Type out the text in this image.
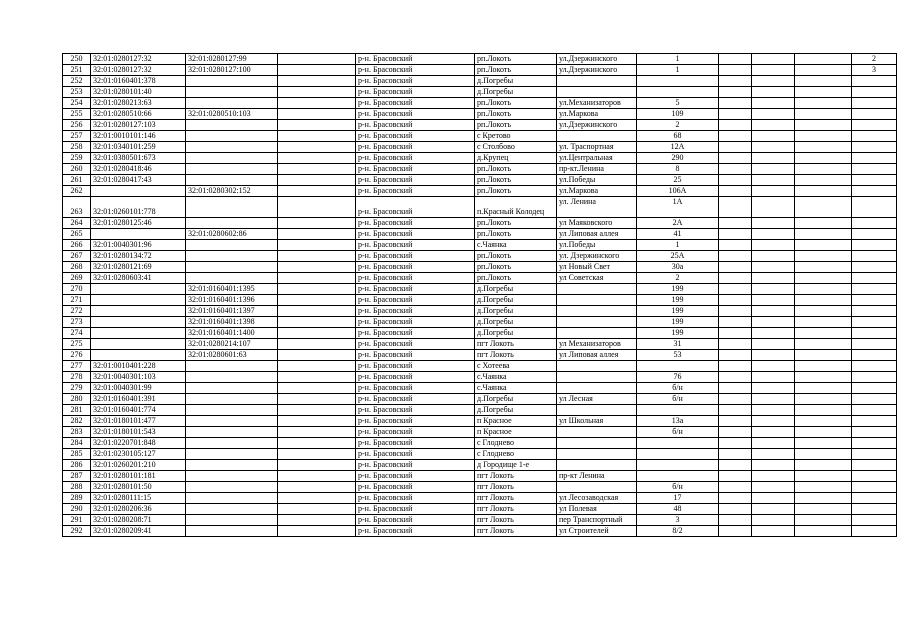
250	32:01:0280127:32	32:01:0280127:99		р-н. Брасовский	рп.Локоть	ул.Дзержинского	1				2
251	32:01:0280127:32	32:01:0280127:100		р-н. Брасовский	рп.Локоть	ул.Дзержинского	1				3
252	32:01:0160401:378			р-н. Брасовский	д.Погребы						
253	32:01:0280101:40			р-н. Брасовский	д.Погребы						
254	32:01:0280213:63			р-н. Брасовский	рп.Локоть	ул.Механизаторов	5				
255	32:01:0280510:66	32:01:0280510:103		р-н. Брасовский	рп.Локоть	ул.Маркова	109				
256	32:01:0280127:103			р-н. Брасовский	рп.Локоть	ул.Дзержинского	2				
257	32:01:0010101:146			р-н. Брасовский	с Кретово		68				
258	32:01:0340101:259			р-н. Брасовский	с Столбово	ул. Траспортная	12А				
259	32:01:0380501:673			р-н. Брасовский	д.Крупец	ул.Центральная	290				
260	32:01:0280418:46			р-н. Брасовский	рп.Локоть	пр-кт.Ленина	8				
261	32:01:0280417:43			р-н. Брасовский	рп.Локоть	ул.Победы	25				
262		32:01:0280302:152		р-н. Брасовский	рп.Локоть	ул.Маркова	106А				
263	32:01:0260101:778			р-н. Брасовский	п.Красный Колодец	ул. Ленина	1А				
264	32:01:0280125:46			р-н. Брасовский	рп.Локоть	ул Маяковского	2А				
265		32:01:0280602:86		р-н. Брасовский	рп.Локоть	ул Липовая аллея	41				
266	32:01:0040301:96			р-н. Брасовский	с.Чаянка	ул.Победы	1				
267	32:01:0280134:72			р-н. Брасовский	рп.Локоть	ул. Дзержинского	25А				
268	32:01:0280121:69			р-н. Брасовский	рп.Локоть	ул Новый Свет	30а				
269	32:01:0280603:41			р-н. Брасовский	рп.Локоть	ул Советская	2				
270		32:01:0160401:1395		р-н. Брасовский	д.Погребы		199				
271		32:01:0160401:1396		р-н. Брасовский	д.Погребы		199				
272		32:01:0160401:1397		р-н. Брасовский	д.Погребы		199				
273		32:01:0160401:1398		р-н. Брасовский	д.Погребы		199				
274		32:01:0160401:1400		р-н. Брасовский	д.Погребы		199				
275		32:01:0280214:107		р-н. Брасовский	пгт Локоть	ул Механизаторов	31				
276		32:01:0280601:63		р-н. Брасовский	пгт Локоть	ул Липовая аллея	53				
277	32:01:0010401:228			р-н. Брасовский	с Хотеева						
278	32:01:0040301:103			р-н. Брасовский	с.Чаянка		76				
279	32:01:0040301:99			р-н. Брасовский	с.Чаянка		б/н				
280	32:01:0160401:391			р-н. Брасовский	д.Погребы	ул Лесная	б/н				
281	32:01:0160401:774			р-н. Брасовский	д.Погребы						
282	32:01:0180101:477			р-н. Брасовский	п Красное	ул Школьная	13а				
283	32:01:0180101:543			р-н. Брасовский	п Красное		б/н				
284	32:01:0220701:848			р-н. Брасовский	с Глоднево						
285	32:01:0230105:127			р-н. Брасовский	с Глоднево						
286	32:01:0260201:210			р-н. Брасовский	д Городище 1-е						
287	32:01:0280101:181			р-н. Брасовский	пгт Локоть	пр-кт Ленина					
288	32:01:0280101:50			р-н. Брасовский	пгт Локоть		б/н				
289	32:01:0280111:15			р-н. Брасовский	пгт Локоть	ул Лесозаводская	17				
290	32:01:0280206:36			р-н. Брасовский	пгт Локоть	ул Полевая	48				
291	32:01:0280208:71			р-н. Брасовский	пгт Локоть	пер Транспортный	3				
292	32:01:0280209:41			р-н. Брасовский	пгт Локоть	ул Строителей	8/2				
